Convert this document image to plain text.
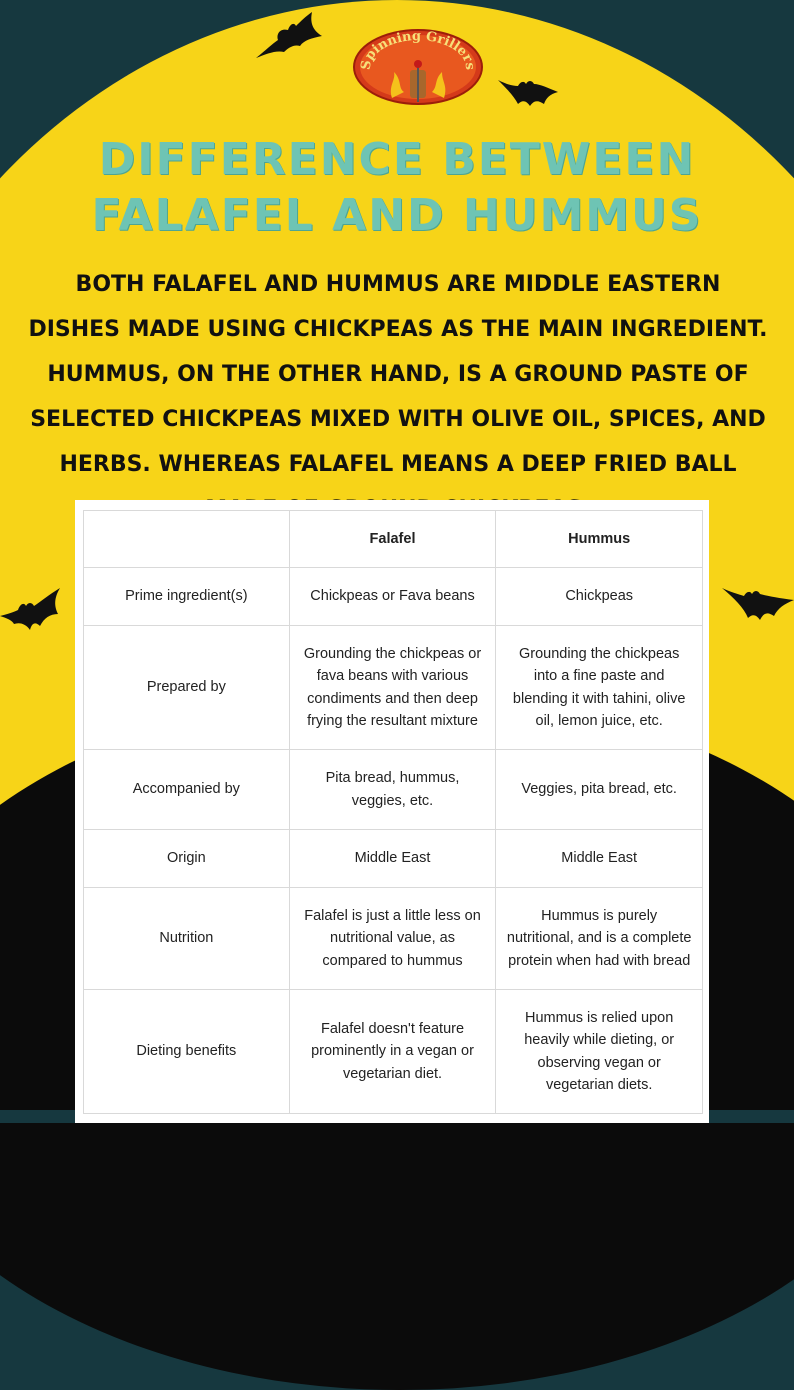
Spinning Grillers
DIFFERENCE BETWEEN FALAFEL AND HUMMUS

BOTH FALAFEL AND HUMMUS ARE MIDDLE EASTERN DISHES MADE USING CHICKPEAS AS THE MAIN INGREDIENT. HUMMUS, ON THE OTHER HAND, IS A GROUND PASTE OF SELECTED CHICKPEAS MIXED WITH OLIVE OIL, SPICES, AND HERBS. WHEREAS FALAFEL MEANS A DEEP FRIED BALL

	Falafel	Hummus
Prime ingredient(s)	Chickpeas or Fava beans	Chickpeas
Prepared by	Grounding the chickpeas or fava beans with various condiments and then deep frying the resultant mixture	Grounding the chickpeas into a fine paste and blending it with tahini, olive oil, lemon juice, etc.
Accompanied by	Pita bread, hummus, veggies, etc.	Veggies, pita bread, etc.
Origin	Middle East	Middle East
Nutrition	Falafel is just a little less on nutritional value, as compared to hummus	Hummus is purely nutritional, and is a complete protein when had with bread
Dieting benefits	Falafel doesn't feature prominently in a vegan or vegetarian diet.	Hummus is relied upon heavily while dieting, or observing vegan or vegetarian diets.
